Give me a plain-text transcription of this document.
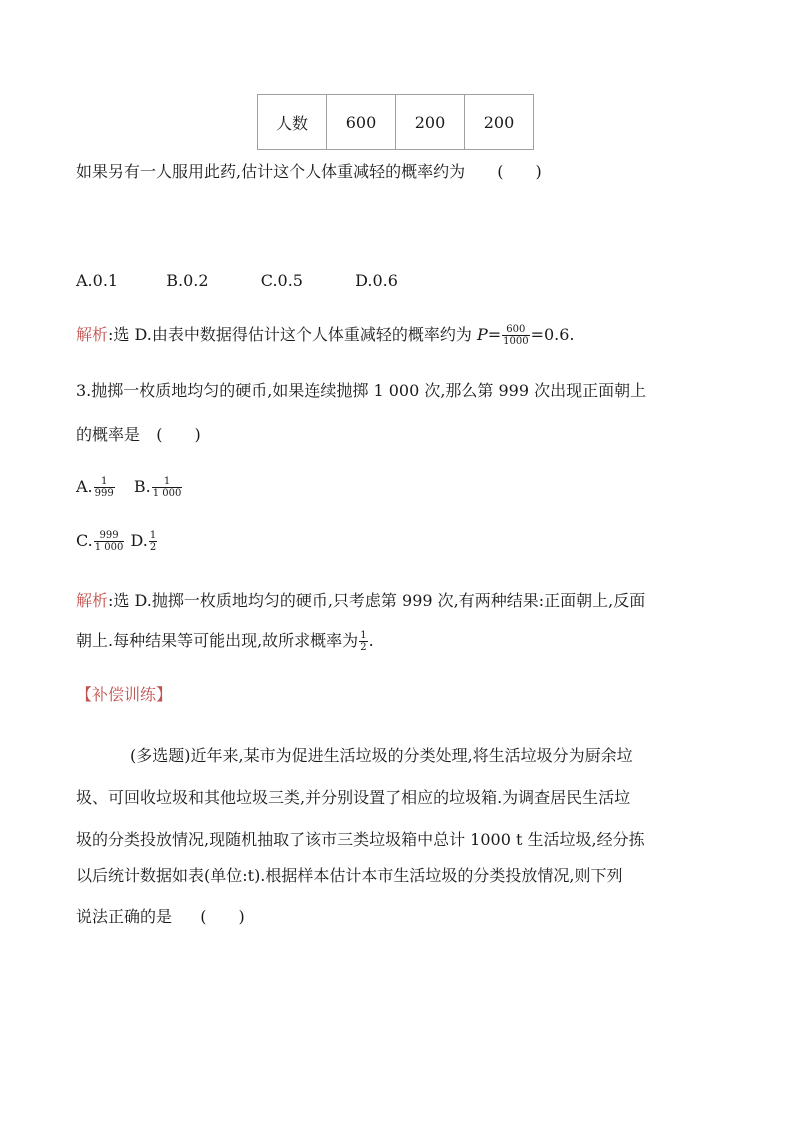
人数	600	200	200
如果另有一人服用此药,估计这个人体重减轻的概率约为 (　　)
A.0.1	B.0.2	C.0.5	D.0.6
解析:选 D.由表中数据得估计这个人体重减轻的概率约为 $P= \frac{600}{1000} =0.6$.
3.抛掷一枚质地均匀的硬币,如果连续抛掷 1 000 次,那么第 999 次出现正面朝上
的概率是 (　　)
A. $\frac{1}{999} B$. $\frac{1}{1 000}$
C. $\frac{999}{1 000} D$. $\frac{1}{2}$
解析:选 D.抛掷一枚质地均匀的硬币,只考虑第 999 次,有两种结果:正面朝上,反面
朝上.每种结果等可能出现,故所求概率为 $\frac{1}{2}$ .
【补偿训练】
(多选题)近年来,某市为促进生活垃圾的分类处理,将生活垃圾分为厨余垃
圾、可回收垃圾和其他垃圾三类,并分别设置了相应的垃圾箱.为调查居民生活垃
圾的分类投放情况,现随机抽取了该市三类垃圾箱中总计 1000 t 生活垃圾,经分拣
以后统计数据如表(单位:t).根据样本估计本市生活垃圾的分类投放情况,则下列
说法正确的是 (　　)
